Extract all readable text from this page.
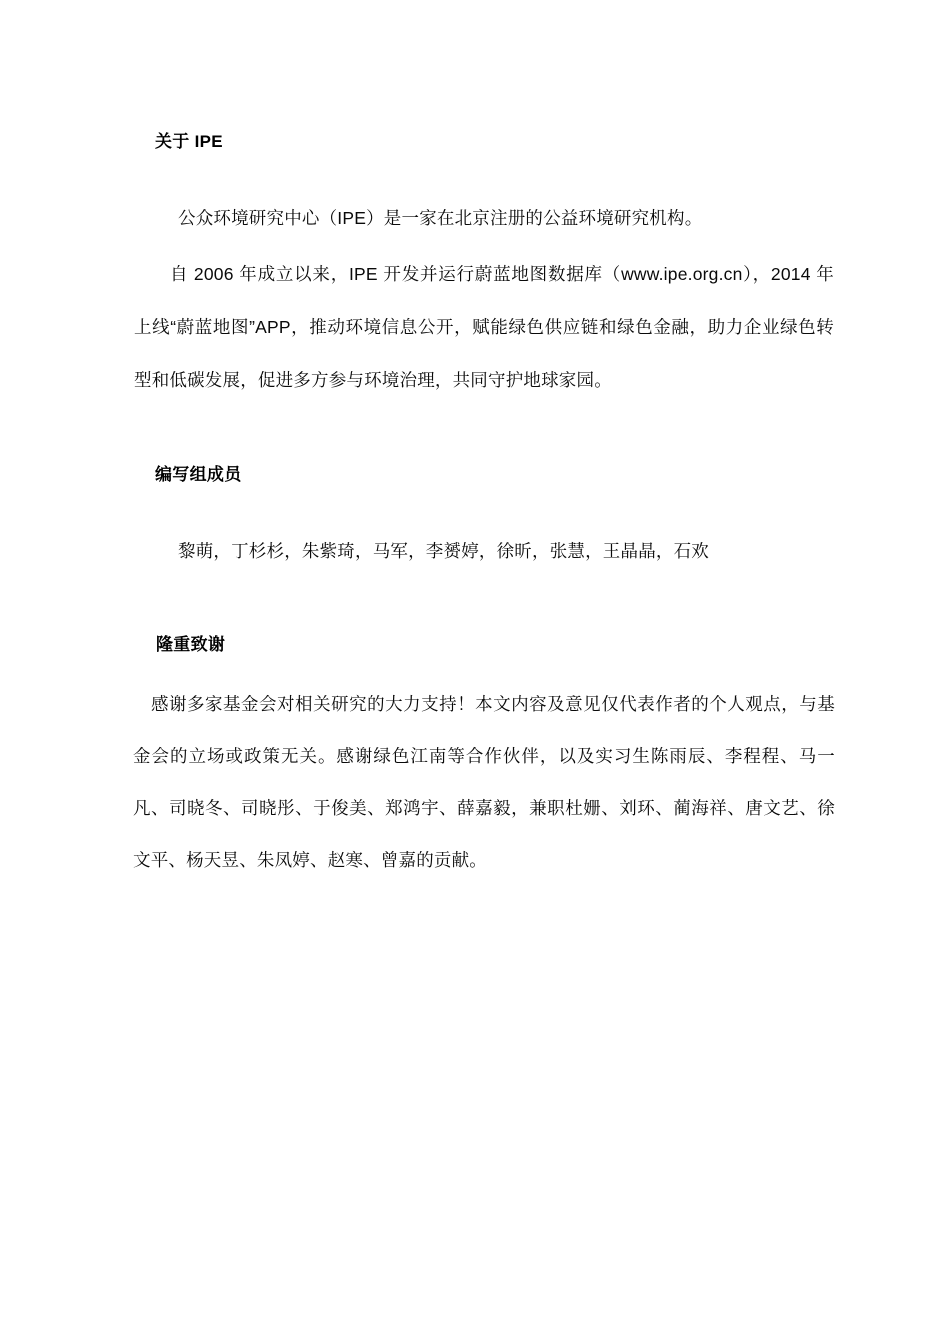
关于 IPE
公众环境研究中心（IPE）是一家在北京注册的公益环境研究机构。
自 2006 年成立以来，IPE 开发并运行蔚蓝地图数据库（www.ipe.org.cn），2014 年上线“蔚蓝地图”APP，推动环境信息公开，赋能绿色供应链和绿色金融，助力企业绿色转型和低碳发展，促进多方参与环境治理，共同守护地球家园。
编写组成员
黎萌，丁杉杉，朱紫琦，马军，李赟婷，徐昕，张慧，王晶晶，石欢
隆重致谢
感谢多家基金会对相关研究的大力支持！本文内容及意见仅代表作者的个人观点，与基金会的立场或政策无关。感谢绿色江南等合作伙伴，以及实习生陈雨辰、李程程、马一凡、司晓冬、司晓彤、于俊美、郑鸿宇、薛嘉毅，兼职杜姗、刘环、蔺海祥、唐文艺、徐文平、杨天昱、朱凤婷、赵寒、曾嘉的贡献。
